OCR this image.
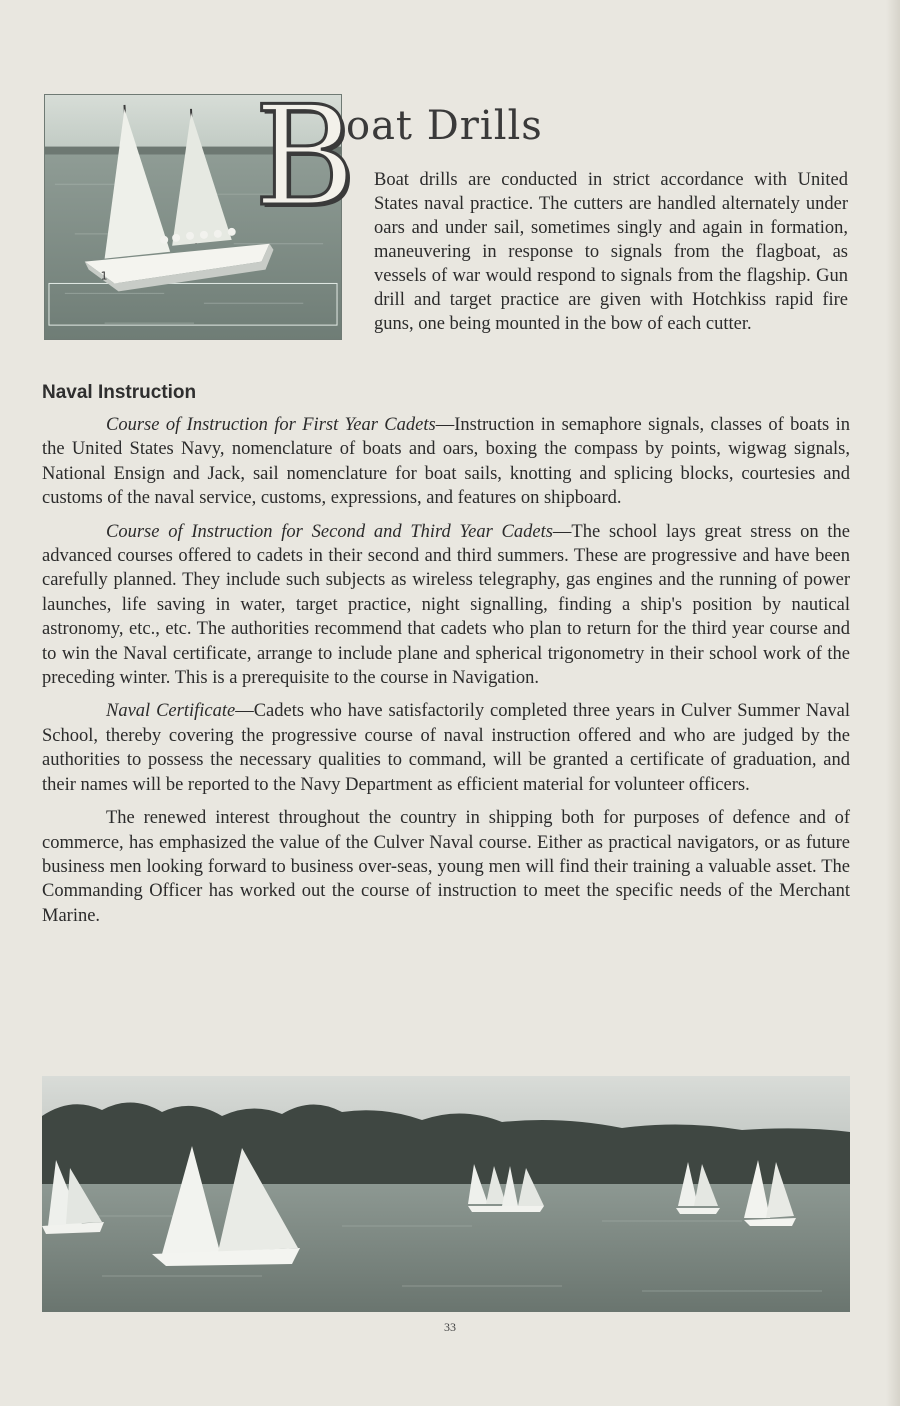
1
B
oat Drills

Boat drills are conducted in strict accordance with United States naval practice. The cutters are handled alternately under oars and under sail, sometimes singly and again in formation, maneuvering in response to signals from the flagboat, as vessels of war would respond to signals from the flagship. Gun drill and target practice are given with Hotchkiss rapid fire guns, one being mounted in the bow of each cutter.

Naval Instruction

Course of Instruction for First Year Cadets—Instruction in semaphore signals, classes of boats in the United States Navy, nomenclature of boats and oars, boxing the compass by points, wigwag signals, National Ensign and Jack, sail nomenclature for boat sails, knotting and splicing blocks, courtesies and customs of the naval service, customs, expressions, and features on shipboard.

Course of Instruction for Second and Third Year Cadets—The school lays great stress on the advanced courses offered to cadets in their second and third summers. These are progressive and have been carefully planned. They include such subjects as wireless telegraphy, gas engines and the running of power launches, life saving in water, target practice, night signalling, finding a ship's position by nautical astronomy, etc., etc. The authorities recommend that cadets who plan to return for the third year course and to win the Naval certificate, arrange to include plane and spherical trigonometry in their school work of the preceding winter. This is a prerequisite to the course in Navigation.

Naval Certificate—Cadets who have satisfactorily completed three years in Culver Summer Naval School, thereby covering the progressive course of naval instruction offered and who are judged by the authorities to possess the necessary qualities to command, will be granted a certificate of graduation, and their names will be reported to the Navy Department as efficient material for volunteer officers.

The renewed interest throughout the country in shipping both for purposes of defence and of commerce, has emphasized the value of the Culver Naval course. Either as practical navigators, or as future business men looking forward to business over-seas, young men will find their training a valuable asset. The Commanding Officer has worked out the course of instruction to meet the specific needs of the Merchant Marine.

33
